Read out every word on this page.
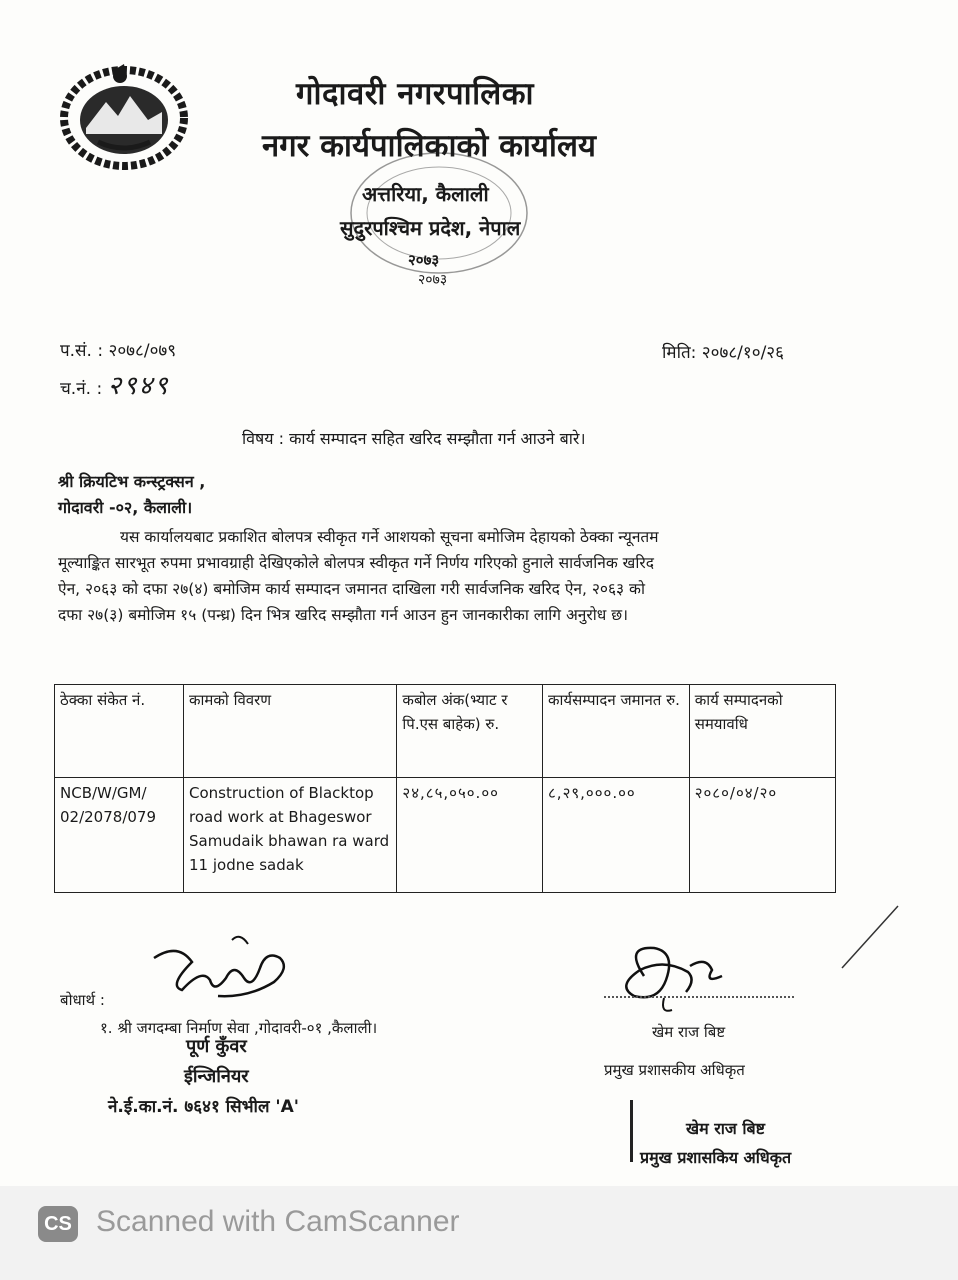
गोदावरी नगरपालिका
नगर कार्यपालिकाको कार्यालय
अत्तरिया, कैलाली
सुदुरपश्चिम प्रदेश, नेपाल
२०७३
२०७३
प.सं. : २०७८/०७९
च.नं. : २९४९
मिति: २०७८/१०/२६
विषय : कार्य सम्पादन सहित खरिद सम्झौता गर्न आउने बारे।
श्री क्रियटिभ कन्स्ट्रक्सन ,
गोदावरी -०२, कैलाली।

यस कार्यालयबाट प्रकाशित बोलपत्र स्वीकृत गर्ने आशयको सूचना बमोजिम देहायको ठेक्का न्यूनतम

मूल्याङ्कित सारभूत रुपमा प्रभावग्राही देखिएकोले बोलपत्र स्वीकृत गर्ने निर्णय गरिएको हुनाले सार्वजनिक खरिद

ऐन, २०६३ को दफा २७(४) बमोजिम कार्य सम्पादन जमानत दाखिला गरी सार्वजनिक खरिद ऐन, २०६३ को

दफा २७(३) बमोजिम १५ (पन्ध्र) दिन भित्र खरिद सम्झौता गर्न आउन हुन जानकारीका लागि अनुरोध छ।

ठेक्का संकेत नं.	कामको विवरण	कबोल अंक(भ्याट र पि.एस बाहेक) रु.	कार्यसम्पादन जमानत रु.	कार्य सम्पादनको समयावधि
NCB/W/GM/ 02/2078/079	Construction of Blacktop road work at Bhageswor Samudaik bhawan ra ward 11 jodne sadak	२४,८५,०५०.००	८,२९,०००.००	२०८०/०४/२०
बोधार्थ :
१. श्री जगदम्बा निर्माण सेवा ,गोदावरी-०१ ,कैलाली।
पूर्ण कुँवर
ईन्जिनियर
ने.ई.का.नं. ७६४१ सिभील 'A'
खेम राज बिष्ट
प्रमुख प्रशासकीय अधिकृत
खेम राज बिष्ट
प्रमुख प्रशासकिय अधिकृत
CS Scanned with CamScanner
